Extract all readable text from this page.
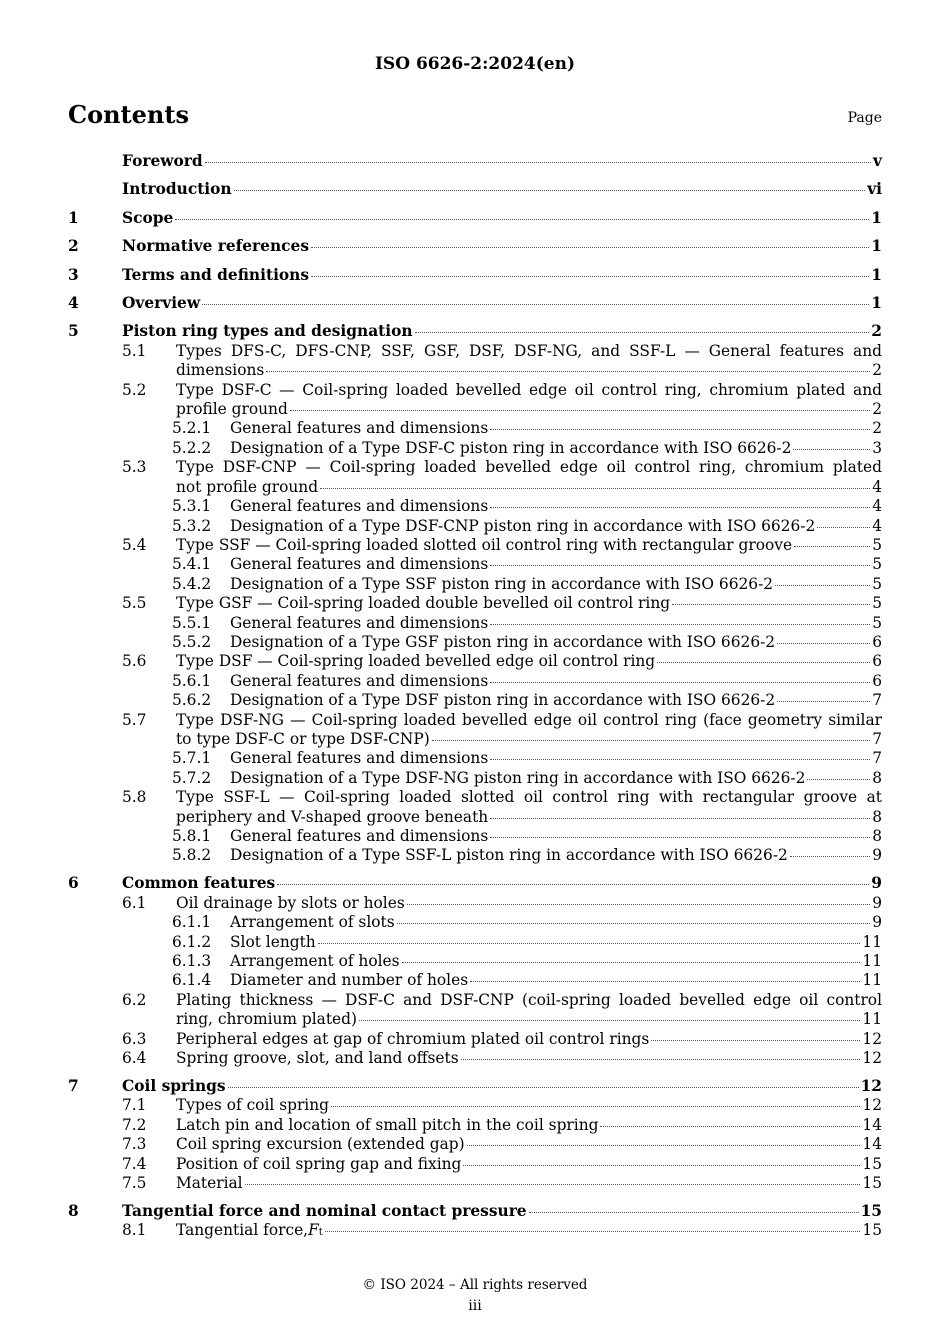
ISO 6626-2:2024(en)
Contents	Page
Foreword	v
Introduction	vi
1	Scope	1
2	Normative references	1
3	Terms and definitions	1
4	Overview	1
5	Piston ring types and designation	2
5.1	Types DFS-C, DFS-CNP, SSF, GSF, DSF, DSF-NG, and SSF-L — General features and
dimensions	2
5.2	Type DSF-C — Coil-spring loaded bevelled edge oil control ring, chromium plated and
profile ground	2
5.2.1	General features and dimensions	2
5.2.2	Designation of a Type DSF-C piston ring in accordance with ISO 6626-2	3
5.3	Type DSF-CNP — Coil-spring loaded bevelled edge oil control ring, chromium plated
not profile ground	4
5.3.1	General features and dimensions	4
5.3.2	Designation of a Type DSF-CNP piston ring in accordance with ISO 6626-2	4
5.4	Type SSF — Coil-spring loaded slotted oil control ring with rectangular groove	5
5.4.1	General features and dimensions	5
5.4.2	Designation of a Type SSF piston ring in accordance with ISO 6626-2	5
5.5	Type GSF — Coil-spring loaded double bevelled oil control ring	5
5.5.1	General features and dimensions	5
5.5.2	Designation of a Type GSF piston ring in accordance with ISO 6626-2	6
5.6	Type DSF — Coil-spring loaded bevelled edge oil control ring	6
5.6.1	General features and dimensions	6
5.6.2	Designation of a Type DSF piston ring in accordance with ISO 6626-2	7
5.7	Type DSF-NG — Coil-spring loaded bevelled edge oil control ring (face geometry similar
to type DSF-C or type DSF-CNP)	7
5.7.1	General features and dimensions	7
5.7.2	Designation of a Type DSF-NG piston ring in accordance with ISO 6626-2	8
5.8	Type SSF-L — Coil-spring loaded slotted oil control ring with rectangular groove at
periphery and V-shaped groove beneath	8
5.8.1	General features and dimensions	8
5.8.2	Designation of a Type SSF-L piston ring in accordance with ISO 6626-2	9
6	Common features	9
6.1	Oil drainage by slots or holes	9
6.1.1	Arrangement of slots	9
6.1.2	Slot length	11
6.1.3	Arrangement of holes	11
6.1.4	Diameter and number of holes	11
6.2	Plating thickness — DSF-C and DSF-CNP (coil-spring loaded bevelled edge oil control
ring, chromium plated)	11
6.3	Peripheral edges at gap of chromium plated oil control rings	12
6.4	Spring groove, slot, and land offsets	12
7	Coil springs	12
7.1	Types of coil spring	12
7.2	Latch pin and location of small pitch in the coil spring	14
7.3	Coil spring excursion (extended gap)	14
7.4	Position of coil spring gap and fixing	15
7.5	Material	15
8	Tangential force and nominal contact pressure	15
8.1	Tangential force, F t	15
© ISO 2024 – All rights reserved
iii
